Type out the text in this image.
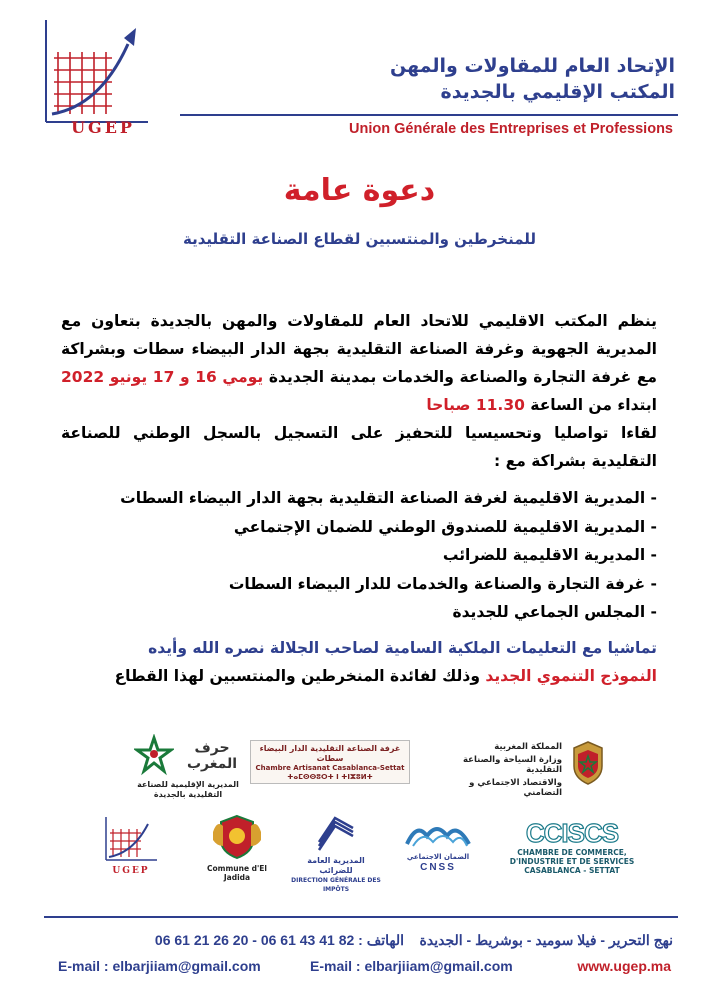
UGEP
الإتحاد العام للمقاولات والمهن
المكتب الإقليمي بالجديدة
Union Générale des Entreprises et Professions
دعوة عامة
للمنخرطين والمنتسبين لقطاع الصناعة التقليدية

ينظم المكتب الاقليمي للاتحاد العام للمقاولات والمهن بالجديدة بتعاون مع المديرية الجهوية وغرفة الصناعة التقليدية بجهة الدار البيضاء سطات وبشراكة مع غرفة التجارة والصناعة والخدمات بمدينة الجديدة يومي 16 و 17 يونيو 2022 ابتداء من الساعة 11.30 صباحا

لقاءا تواصليا وتحسيسيا للتحفيز على التسجيل بالسجل الوطني للصناعة التقليدية بشراكة مع :

- المديرية الاقليمية لغرفة الصناعة التقليدية بجهة الدار البيضاء السطات
- المديرية الاقليمية للصندوق الوطني للضمان الإجتماعي
- المديرية الاقليمية للضرائب
- غرفة التجارة والصناعة والخدمات للدار البيضاء السطات
- المجلس الجماعي للجديدة
تماشيا مع التعليمات الملكية السامية لصاحب الجلالة نصره الله وأيده
النموذج التنموي الجديد وذلك لفائدة المنخرطين والمنتسبين لهذا القطاع
حرف المغرب
المديرية الإقليمية للصناعة التقليدية بالجديدة
غرفة الصناعة التقليدية الدار البيضاء سطات
Chambre Artisanat Casablanca-Settat
ⵜⴰⵎⵙⵙⵓⵔⵜ ⵏ ⵜⵏⵣⵓⵍⵜ
المملكة المغربية
وزارة السياحة والصناعة التقليدية
والاقتصاد الاجتماعي و التضامني
UGEP	Commune d'El Jadida
المديرية العامة للضرائب
DIRECTION GÉNÉRALE DES IMPÔTS
الضمان الاجتماعي
CNSS
CCISCS
CHAMBRE DE COMMERCE,
D'INDUSTRIE ET DE SERVICES
CASABLANCA - SETTAT
نهج التحرير - فيلا سوميد - بوشريط - الجديدة
الهاتف : 82 41 43 61 06 - 20 26 21 61 06
E-mail : elbarjiiam@gmail.com	E-mail : elbarjiiam@gmail.com	www.ugep.ma
